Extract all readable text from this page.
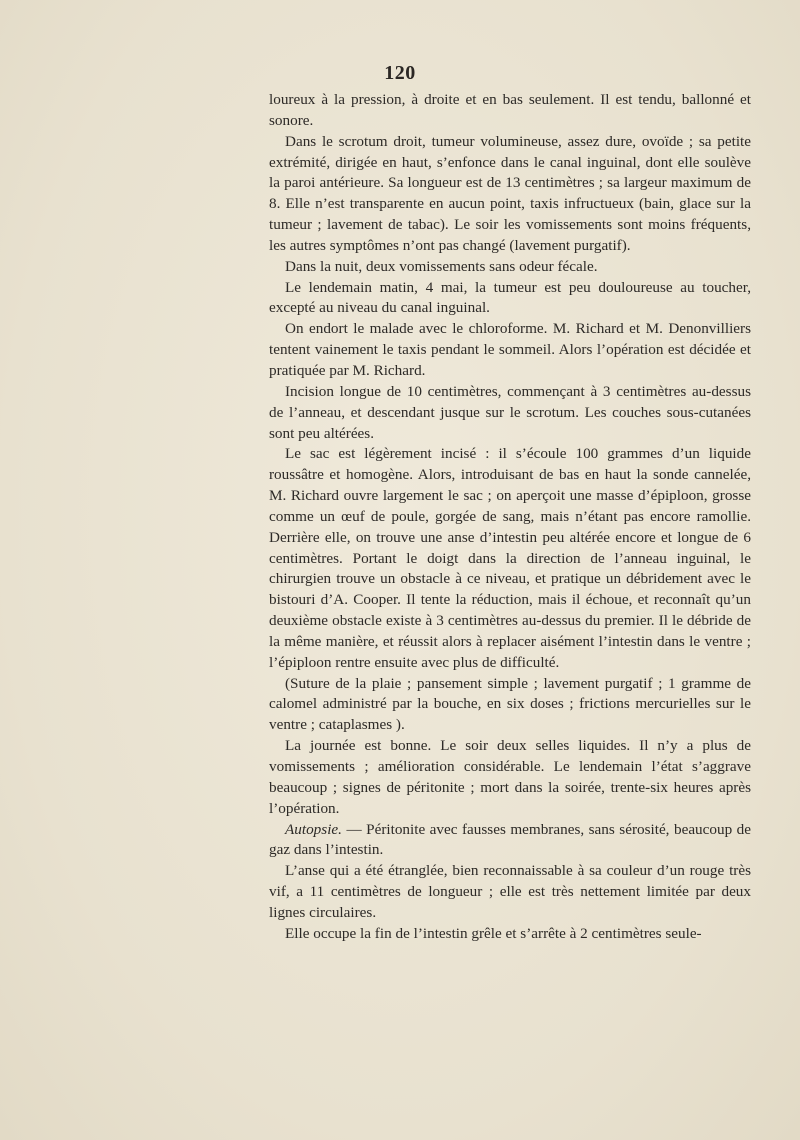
120

loureux à la pression, à droite et en bas seulement. Il est tendu, ballonné et sonore.

Dans le scrotum droit, tumeur volumineuse, assez dure, ovoïde ; sa petite extrémité, dirigée en haut, s’enfonce dans le canal inguinal, dont elle soulève la paroi antérieure. Sa longueur est de 13 centimètres ; sa largeur maximum de 8. Elle n’est transparente en aucun point, taxis infructueux (bain, glace sur la tumeur ; lavement de tabac). Le soir les vomissements sont moins fréquents, les autres symptômes n’ont pas changé (lavement purgatif).

Dans la nuit, deux vomissements sans odeur fécale.

Le lendemain matin, 4 mai, la tumeur est peu douloureuse au toucher, excepté au niveau du canal inguinal.

On endort le malade avec le chloroforme. M. Richard et M. Denonvilliers tentent vainement le taxis pendant le sommeil. Alors l’opération est décidée et pratiquée par M. Richard.

Incision longue de 10 centimètres, commençant à 3 centimètres au-dessus de l’anneau, et descendant jusque sur le scrotum. Les couches sous-cutanées sont peu altérées.

Le sac est légèrement incisé : il s’écoule 100 grammes d’un liquide roussâtre et homogène. Alors, introduisant de bas en haut la sonde cannelée, M. Richard ouvre largement le sac ; on aperçoit une masse d’épiploon, grosse comme un œuf de poule, gorgée de sang, mais n’étant pas encore ramollie. Derrière elle, on trouve une anse d’intestin peu altérée encore et longue de 6 centimètres. Portant le doigt dans la direction de l’anneau inguinal, le chirurgien trouve un obstacle à ce niveau, et pratique un débridement avec le bistouri d’A. Cooper. Il tente la réduction, mais il échoue, et reconnaît qu’un deuxième obstacle existe à 3 centimètres au-dessus du premier. Il le débride de la même manière, et réussit alors à replacer aisément l’intestin dans le ventre ; l’épiploon rentre ensuite avec plus de difficulté.

(Suture de la plaie ; pansement simple ; lavement purgatif ; 1 gramme de calomel administré par la bouche, en six doses ; frictions mercurielles sur le ventre ; cataplasmes ).

La journée est bonne. Le soir deux selles liquides. Il n’y a plus de vomissements ; amélioration considérable. Le lendemain l’état s’aggrave beaucoup ; signes de péritonite ; mort dans la soirée, trente-six heures après l’opération.

Autopsie. — Péritonite avec fausses membranes, sans sérosité, beaucoup de gaz dans l’intestin.

L’anse qui a été étranglée, bien reconnaissable à sa couleur d’un rouge très vif, a 11 centimètres de longueur ; elle est très nettement limitée par deux lignes circulaires.

Elle occupe la fin de l’intestin grêle et s’arrête à 2 centimètres seule-
